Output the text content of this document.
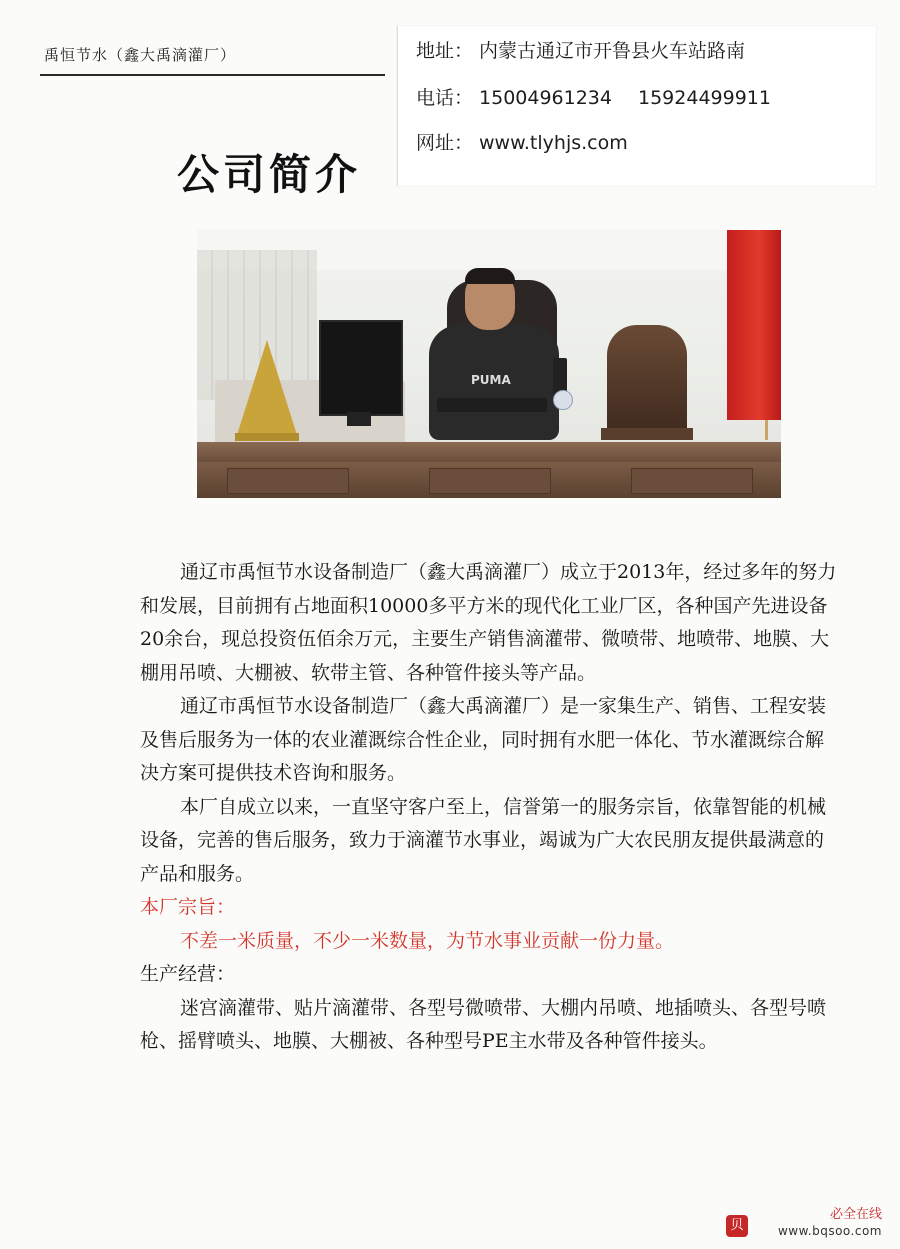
禹恒节水（鑫大禹滴灌厂）	地址： 内蒙古通辽市开鲁县火车站路南
电话： 15004961234 15924499911
网址： www.tlyhjs.com
公司简介
PUMA

通辽市禹恒节水设备制造厂（鑫大禹滴灌厂）成立于2013年，经过多年的努力和发展，目前拥有占地面积10000多平方米的现代化工业厂区，各种国产先进设备20余台，现总投资伍佰余万元，主要生产销售滴灌带、微喷带、地喷带、地膜、大棚用吊喷、大棚被、软带主管、各种管件接头等产品。

通辽市禹恒节水设备制造厂（鑫大禹滴灌厂）是一家集生产、销售、工程安装及售后服务为一体的农业灌溉综合性企业，同时拥有水肥一体化、节水灌溉综合解决方案可提供技术咨询和服务。

本厂自成立以来，一直坚守客户至上，信誉第一的服务宗旨，依靠智能的机械设备，完善的售后服务，致力于滴灌节水事业，竭诚为广大农民朋友提供最满意的产品和服务。

本厂宗旨：

不差一米质量，不少一米数量，为节水事业贡献一份力量。

生产经营：

迷宫滴灌带、贴片滴灌带、各型号微喷带、大棚内吊喷、地插喷头、各型号喷枪、摇臂喷头、地膜、大棚被、各种型号PE主水带及各种管件接头。

贝
必全在线
www.bqsoo.com
